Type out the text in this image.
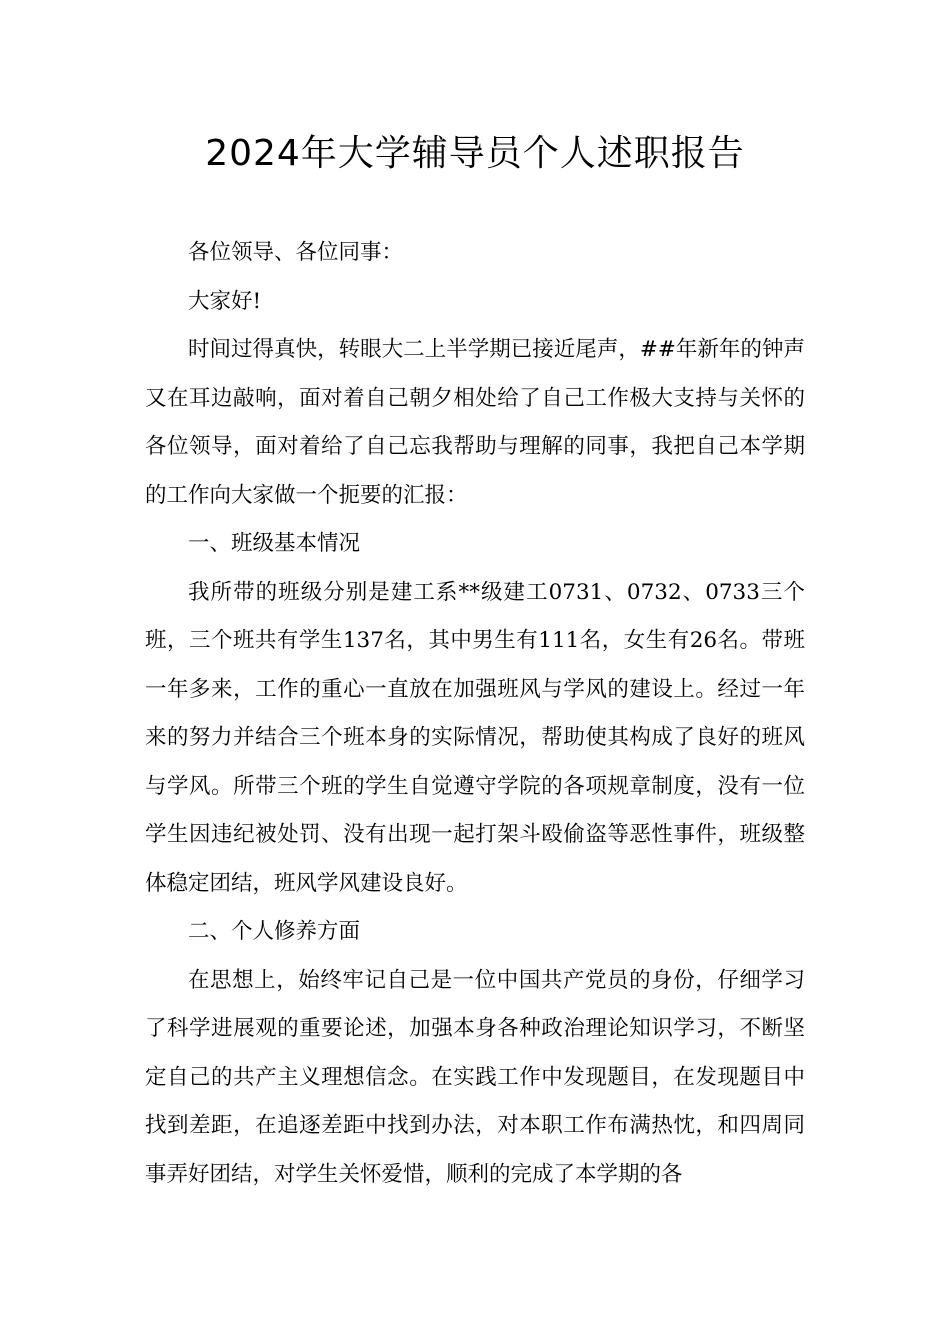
2024年大学辅导员个人述职报告

各位领导、各位同事：

大家好!

时间过得真快，转眼大二上半学期已接近尾声，##年新年的钟声又在耳边敲响，面对着自己朝夕相处给了自己工作极大支持与关怀的各位领导，面对着给了自己忘我帮助与理解的同事，我把自己本学期的工作向大家做一个扼要的汇报：

一、班级基本情况

我所带的班级分别是建工系**级建工0731、0732、0733三个班，三个班共有学生137名，其中男生有111名，女生有26名。带班一年多来，工作的重心一直放在加强班风与学风的建设上。经过一年来的努力并结合三个班本身的实际情况，帮助使其构成了良好的班风与学风。所带三个班的学生自觉遵守学院的各项规章制度，没有一位学生因违纪被处罚、没有出现一起打架斗殴偷盗等恶性事件，班级整体稳定团结，班风学风建设良好。

二、个人修养方面

在思想上，始终牢记自己是一位中国共产党员的身份，仔细学习了科学进展观的重要论述，加强本身各种政治理论知识学习，不断坚定自己的共产主义理想信念。在实践工作中发现题目，在发现题目中找到差距，在追逐差距中找到办法，对本职工作布满热忱，和四周同事弄好团结，对学生关怀爱惜，顺利的完成了本学期的各
